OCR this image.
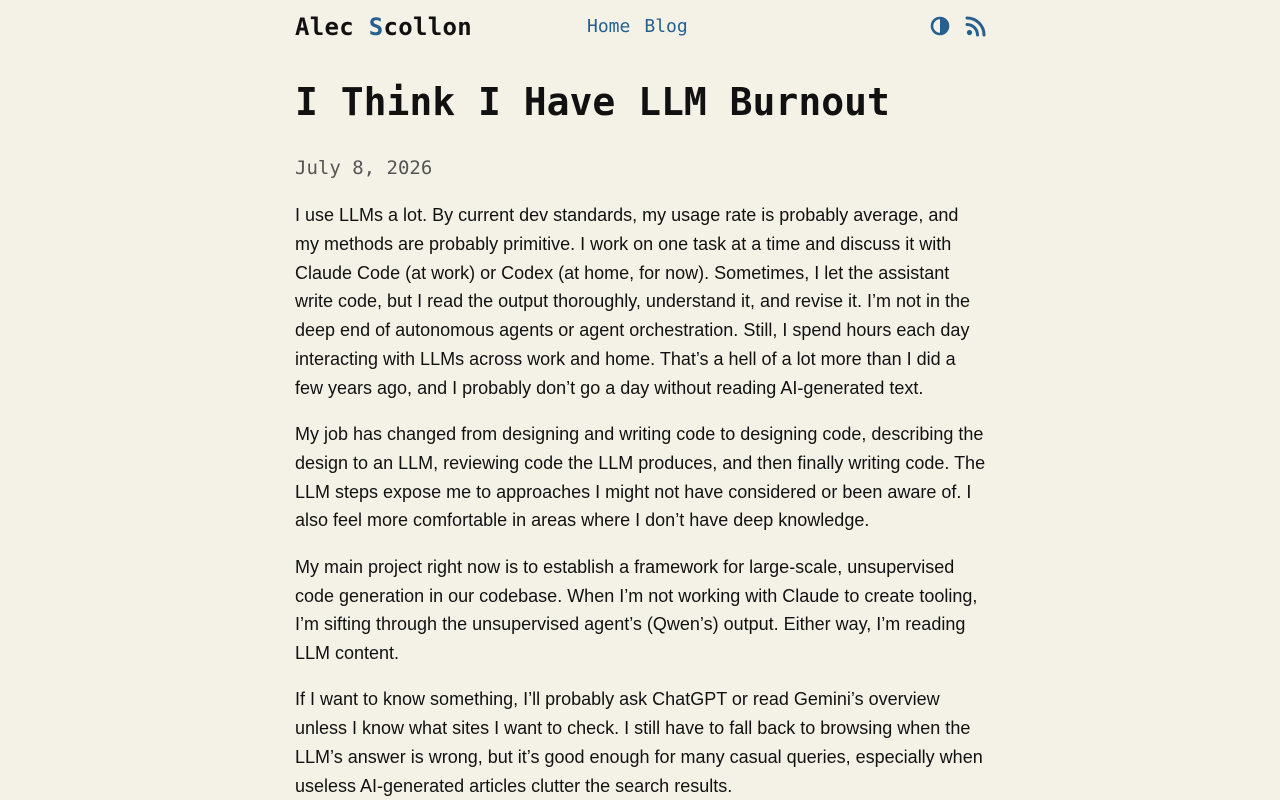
Alec Scollon	Home Blog
I Think I Have LLM Burnout
July 8, 2026

I use LLMs a lot. By current dev standards, my usage rate is probably average, and my methods are probably primitive. I work on one task at a time and discuss it with Claude Code (at work) or Codex (at home, for now). Sometimes, I let the assistant write code, but I read the output thoroughly, understand it, and revise it. I’m not in the deep end of autonomous agents or agent orchestration. Still, I spend hours each day interacting with LLMs across work and home. That’s a hell of a lot more than I did a few years ago, and I probably don’t go a day without reading AI-generated text.

My job has changed from designing and writing code to designing code, describing the design to an LLM, reviewing code the LLM produces, and then finally writing code. The LLM steps expose me to approaches I might not have considered or been aware of. I also feel more comfortable in areas where I don’t have deep knowledge.

My main project right now is to establish a framework for large-scale, unsupervised code generation in our codebase. When I’m not working with Claude to create tooling, I’m sifting through the unsupervised agent’s (Qwen’s) output. Either way, I’m reading LLM content.

If I want to know something, I’ll probably ask ChatGPT or read Gemini’s overview unless I know what sites I want to check. I still have to fall back to browsing when the LLM’s answer is wrong, but it’s good enough for many casual queries, especially when useless AI-generated articles clutter the search results.
